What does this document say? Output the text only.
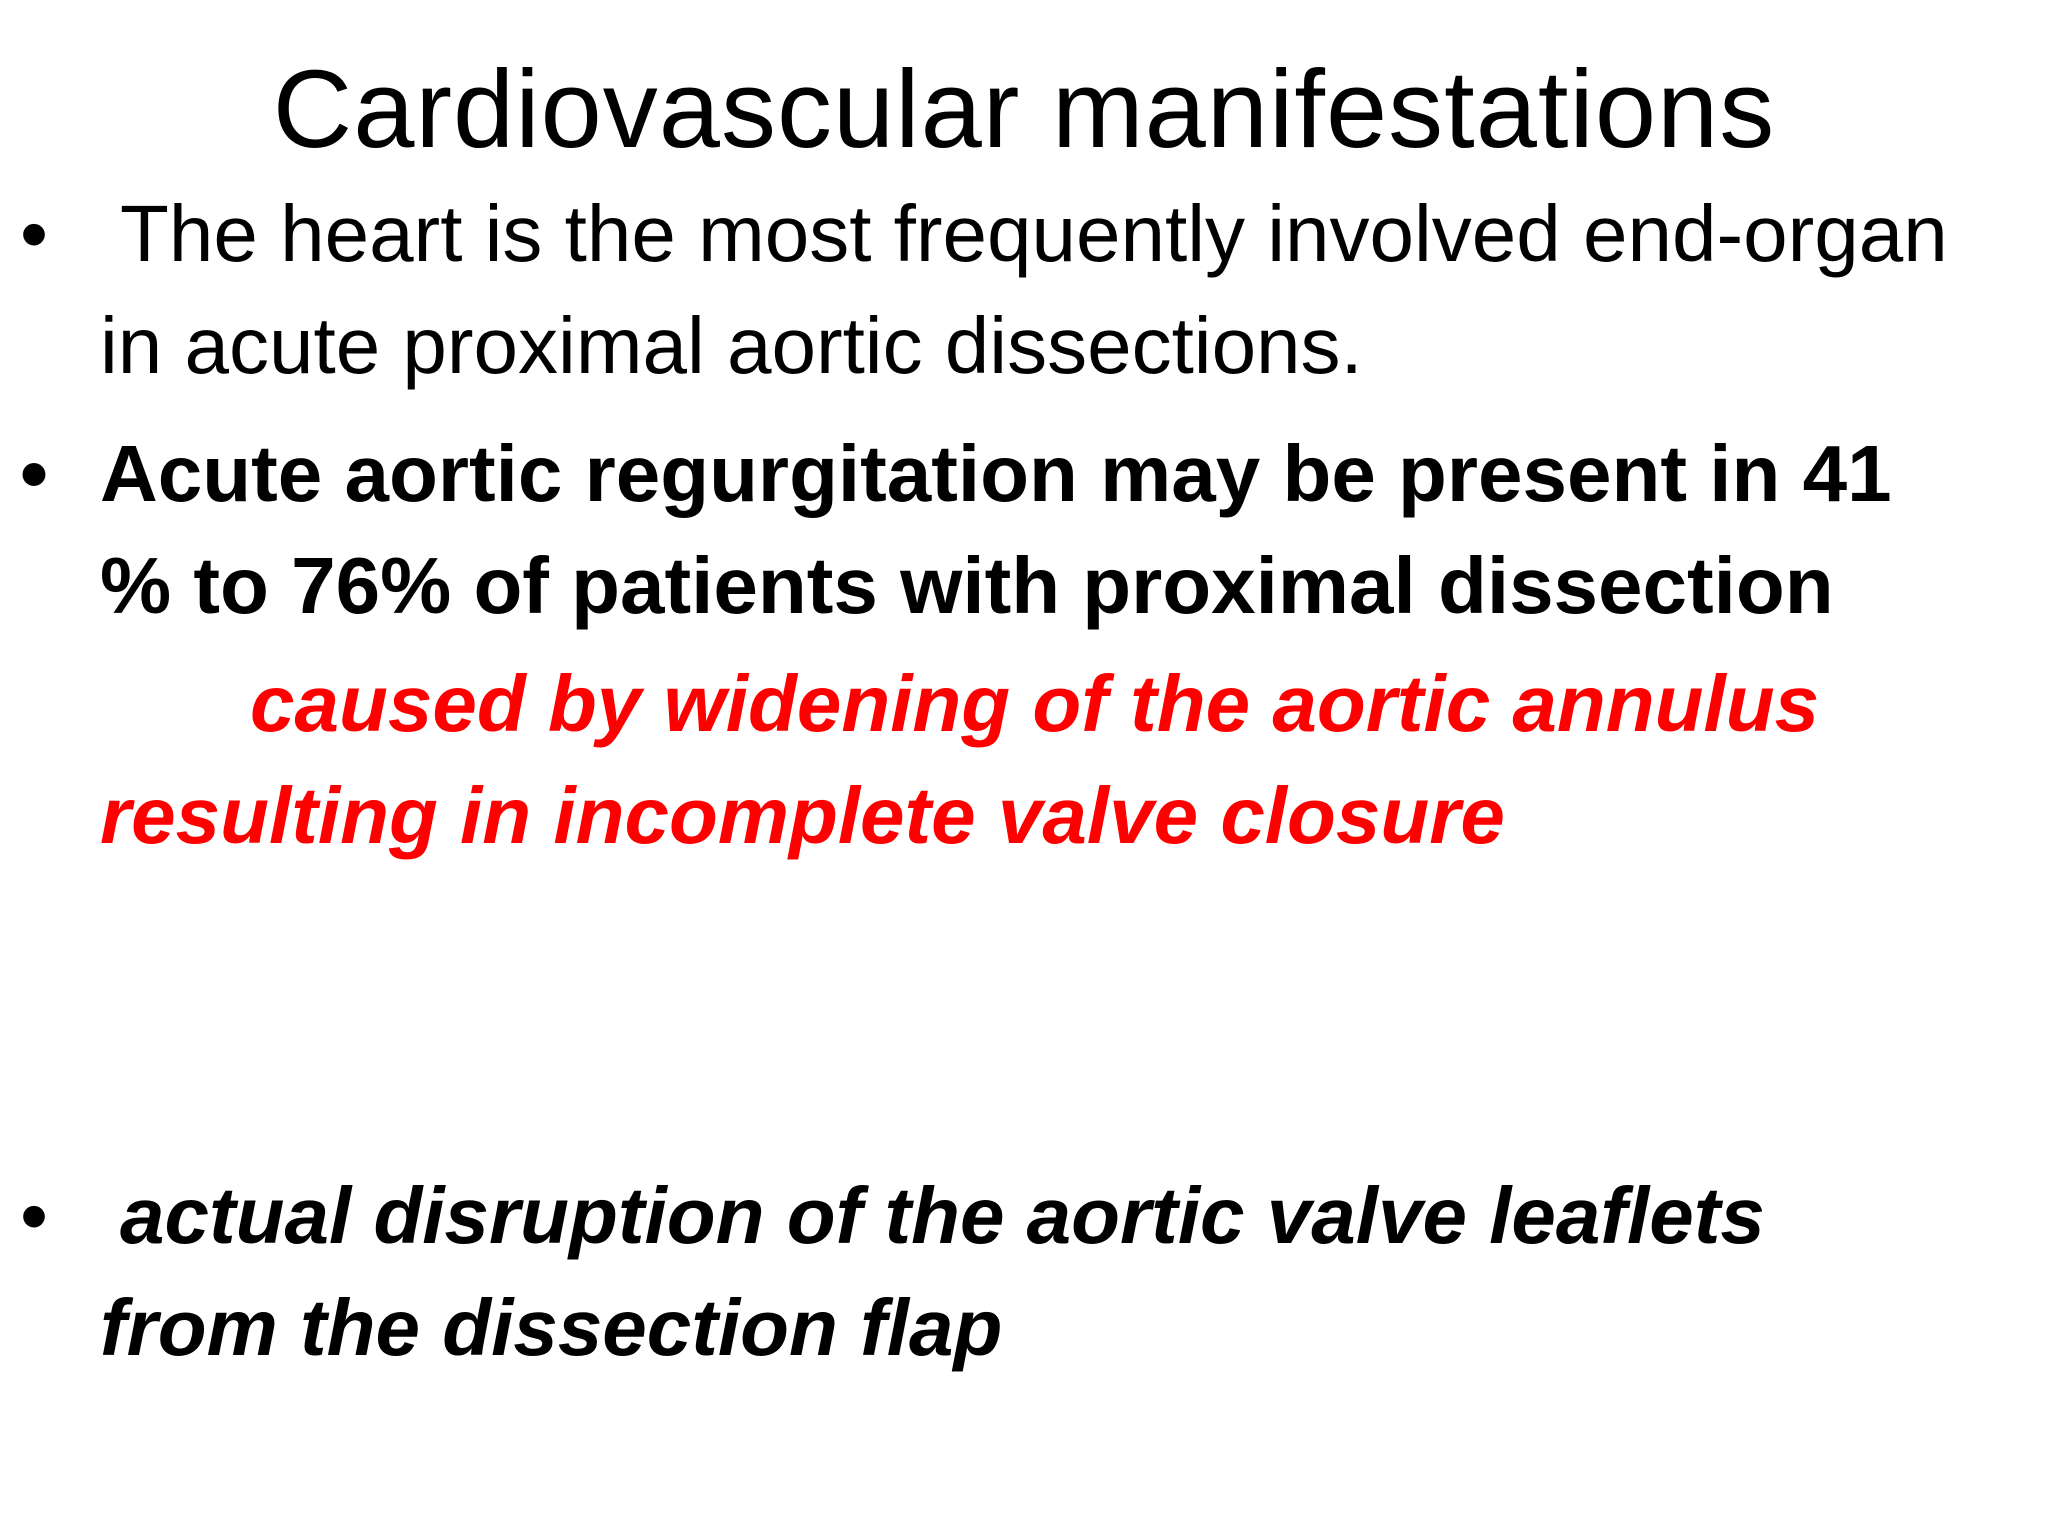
Cardiovascular manifestations
• The heart is the most frequently involved end-organ in acute proximal aortic dissections.
• Acute aortic regurgitation may be present in 41 % to 76% of patients with proximal dissection
caused by widening of the aortic annulus resulting in incomplete valve closure
• actual disruption of the aortic valve leaflets from the dissection flap
